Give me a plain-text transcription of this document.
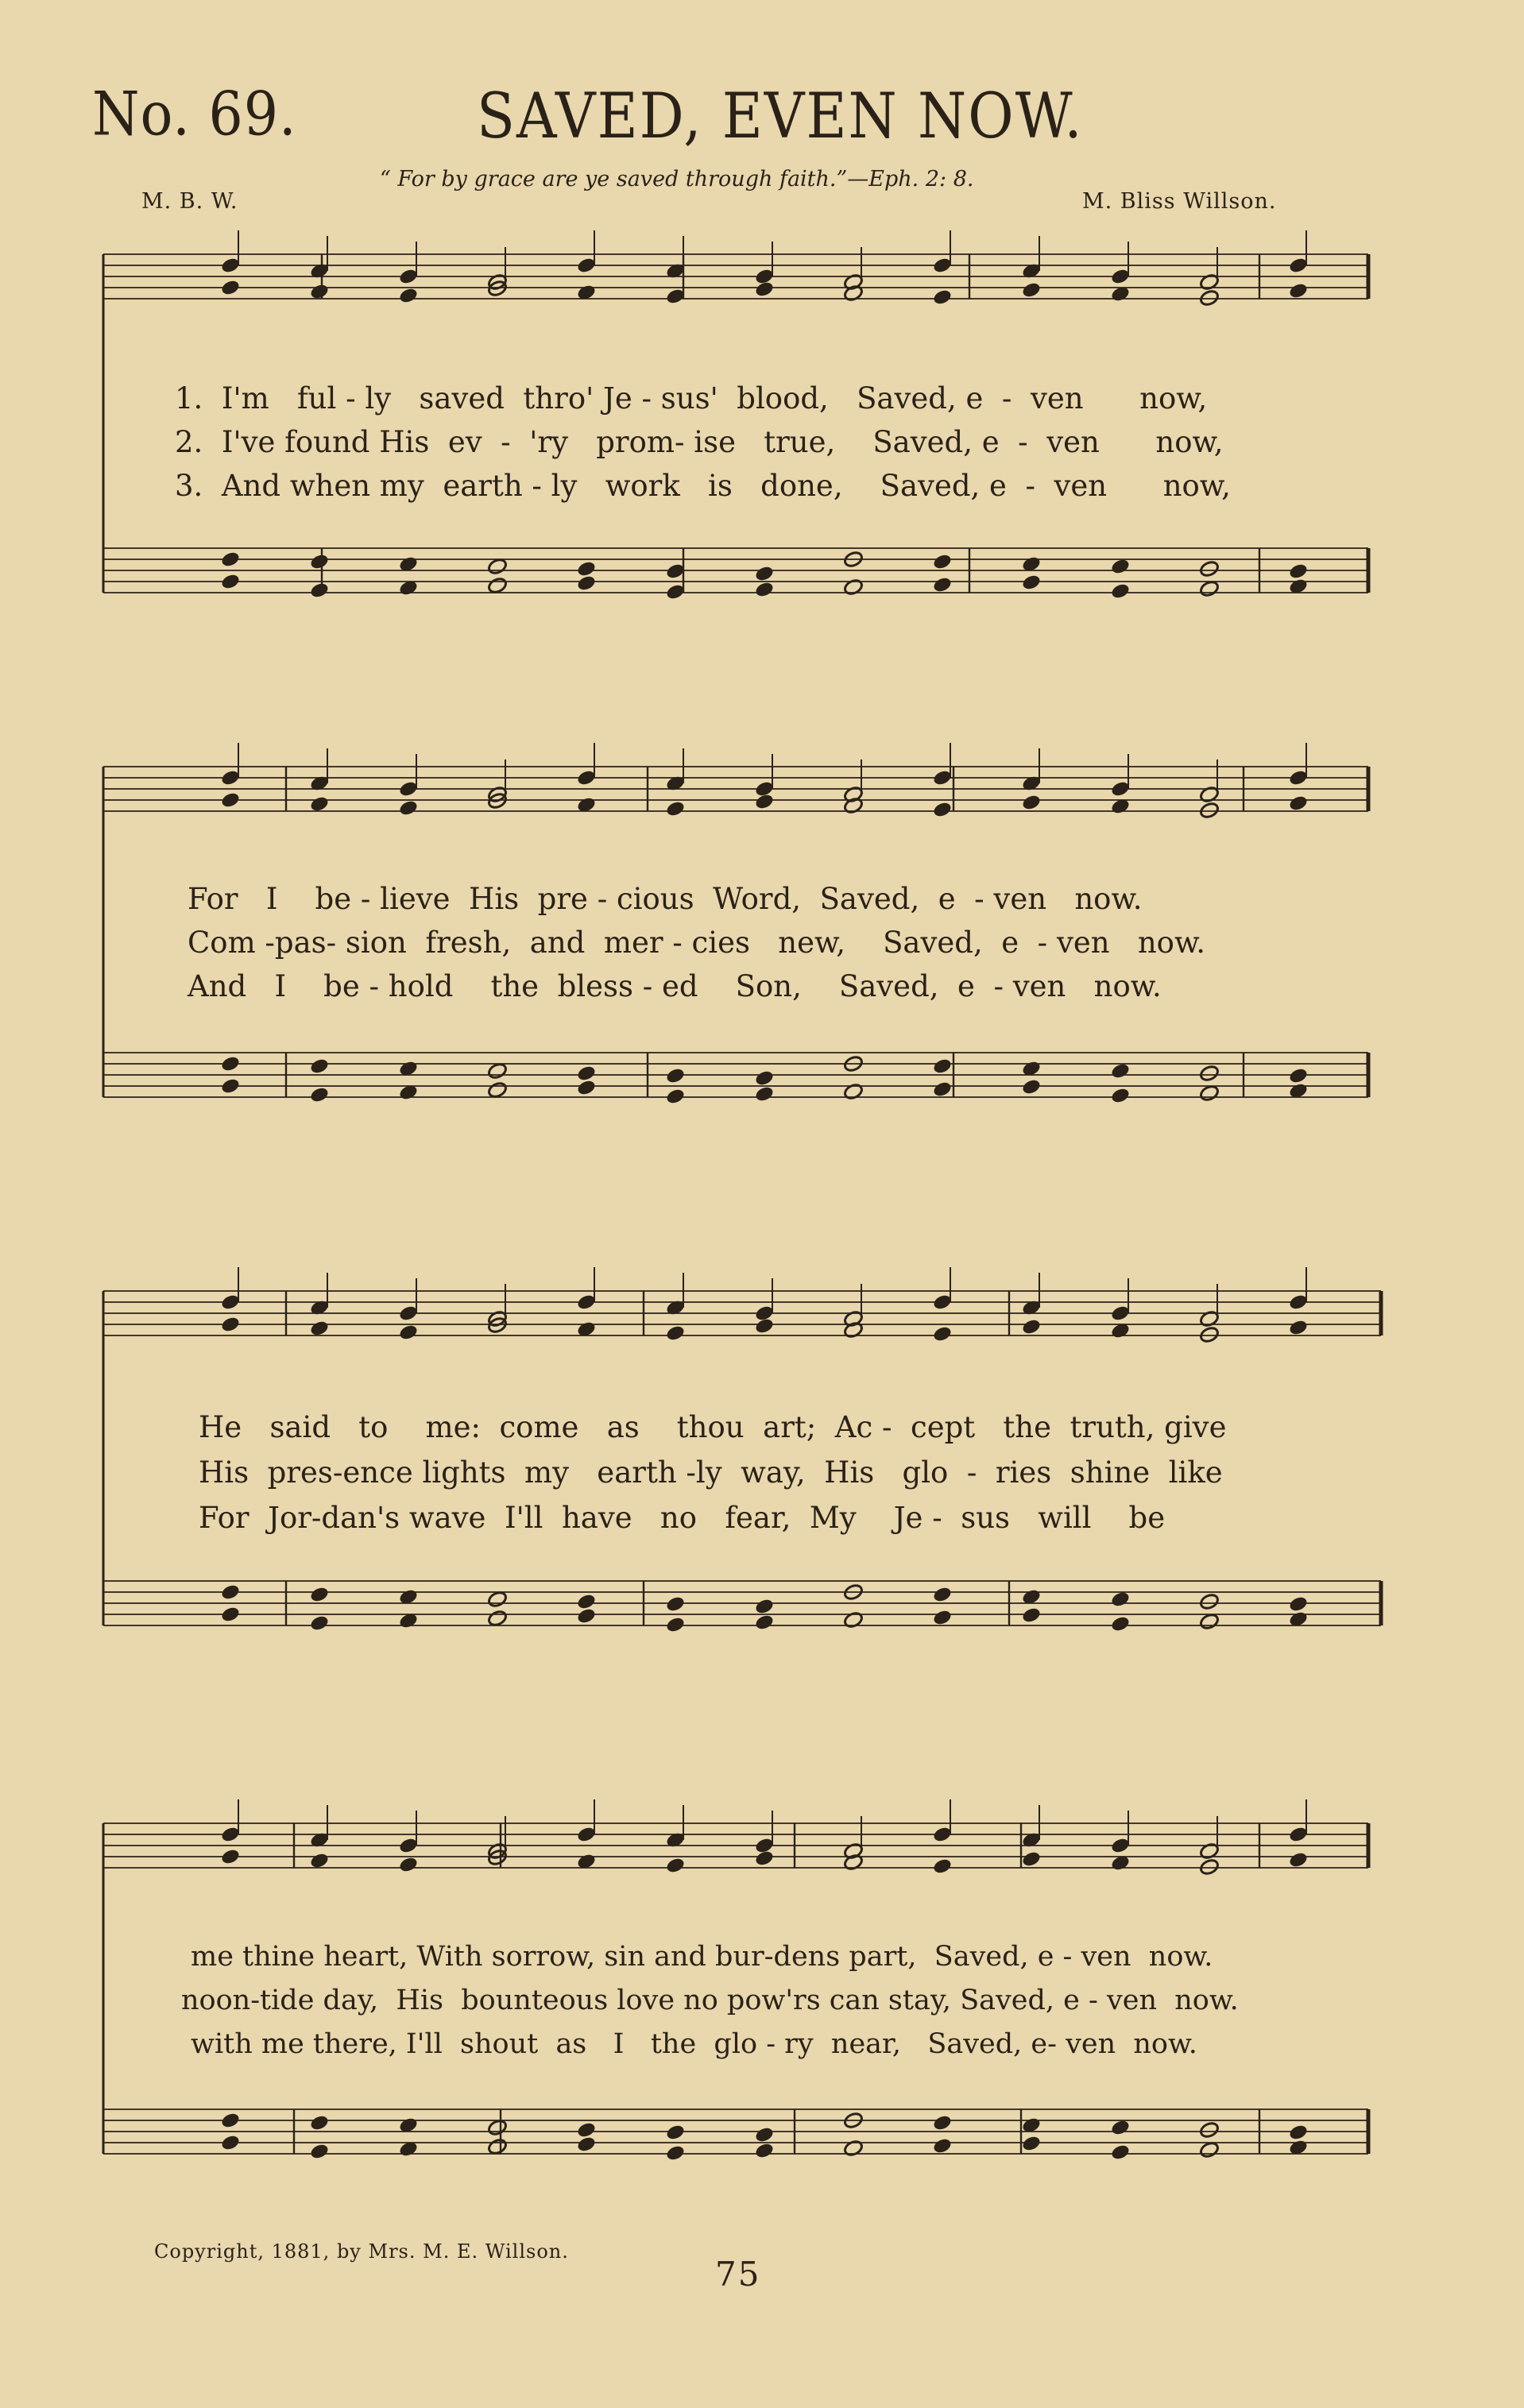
No. 69.	SAVED, EVEN NOW.
“ For by grace are ye saved through faith.”—Eph. 2: 8.
M. B. W.	M. Bliss Willson.
1.  I'm   ful - ly   saved  thro' Je - sus'  blood,   Saved, e  -  ven      now,
2.  I've found His  ev  -  'ry   prom- ise   true,    Saved, e  -  ven      now,
3.  And when my  earth - ly   work   is   done,    Saved, e  -  ven      now,
For   I    be - lieve  His  pre - cious  Word,  Saved,  e  - ven   now.
Com -pas- sion  fresh,  and  mer - cies   new,    Saved,  e  - ven   now.
And   I    be - hold    the  bless - ed    Son,    Saved,  e  - ven   now.
He   said   to    me:  come   as    thou  art;  Ac -  cept   the  truth, give
His  pres-ence lights  my   earth -ly  way,  His   glo  -  ries  shine  like
For  Jor-dan's wave  I'll  have   no   fear,  My    Je -  sus   will    be
me thine heart, With sorrow, sin and bur-dens part,  Saved, e - ven  now.
noon-tide day,  His  bounteous love no pow'rs can stay, Saved, e - ven  now.
with me there, I'll  shout  as   I   the  glo - ry  near,   Saved, e- ven  now.
Copyright, 1881, by Mrs. M. E. Willson.
75
